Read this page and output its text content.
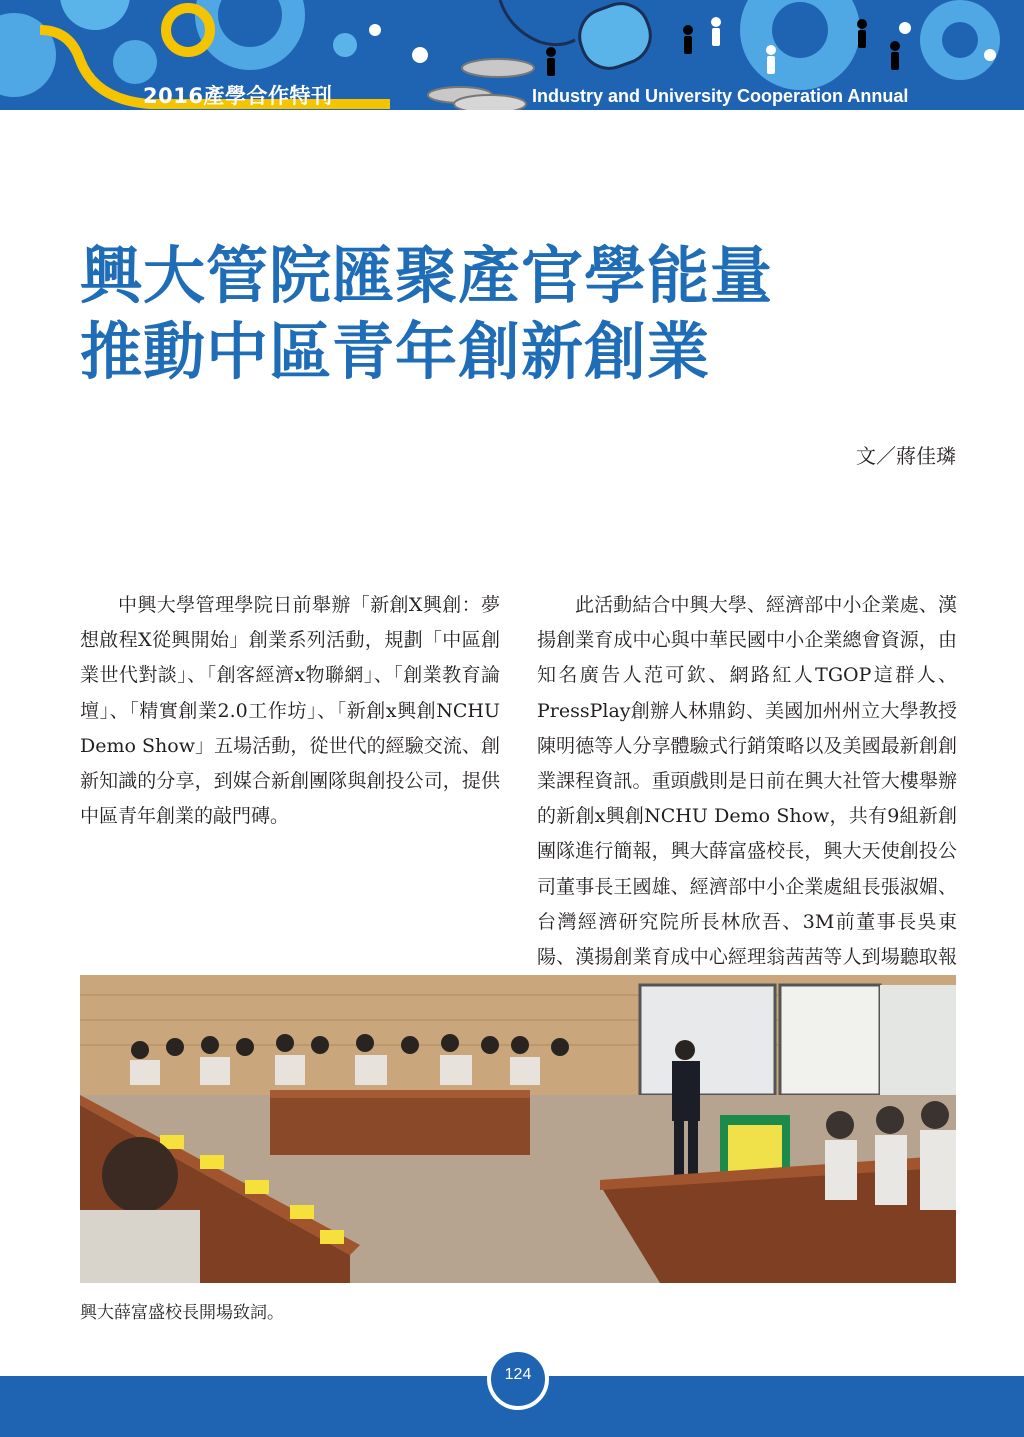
2016產學合作特刊	Industry and University Cooperation Annual
興大管院匯聚產官學能量
推動中區青年創新創業
文／蔣佳璘

中興大學管理學院日前舉辦「新創X興創：夢想啟程X從興開始」創業系列活動，規劃「中區創業世代對談」、「創客經濟x物聯網」、「創業教育論壇」、「精實創業2.0工作坊」、「新創x興創NCHU Demo Show」五場活動，從世代的經驗交流、創新知識的分享，到媒合新創團隊與創投公司，提供中區青年創業的敲門磚。

此活動結合中興大學、經濟部中小企業處、漢揚創業育成中心與中華民國中小企業總會資源，由知名廣告人范可欽、網路紅人TGOP這群人、PressPlay創辦人林鼎鈞、美國加州州立大學教授陳明德等人分享體驗式行銷策略以及美國最新創創業課程資訊。重頭戲則是日前在興大社管大樓舉辦的新創x興創NCHU Demo Show，共有9組新創團隊進行簡報，興大薛富盛校長，興大天使創投公司董事長王國雄、經濟部中小企業處組長張淑媚、台灣經濟研究院所長林欣吾、3M前董事長吳東陽、漢揚創業育成中心經理翁茜茜等人到場聽取報

興大薛富盛校長開場致詞。
124
